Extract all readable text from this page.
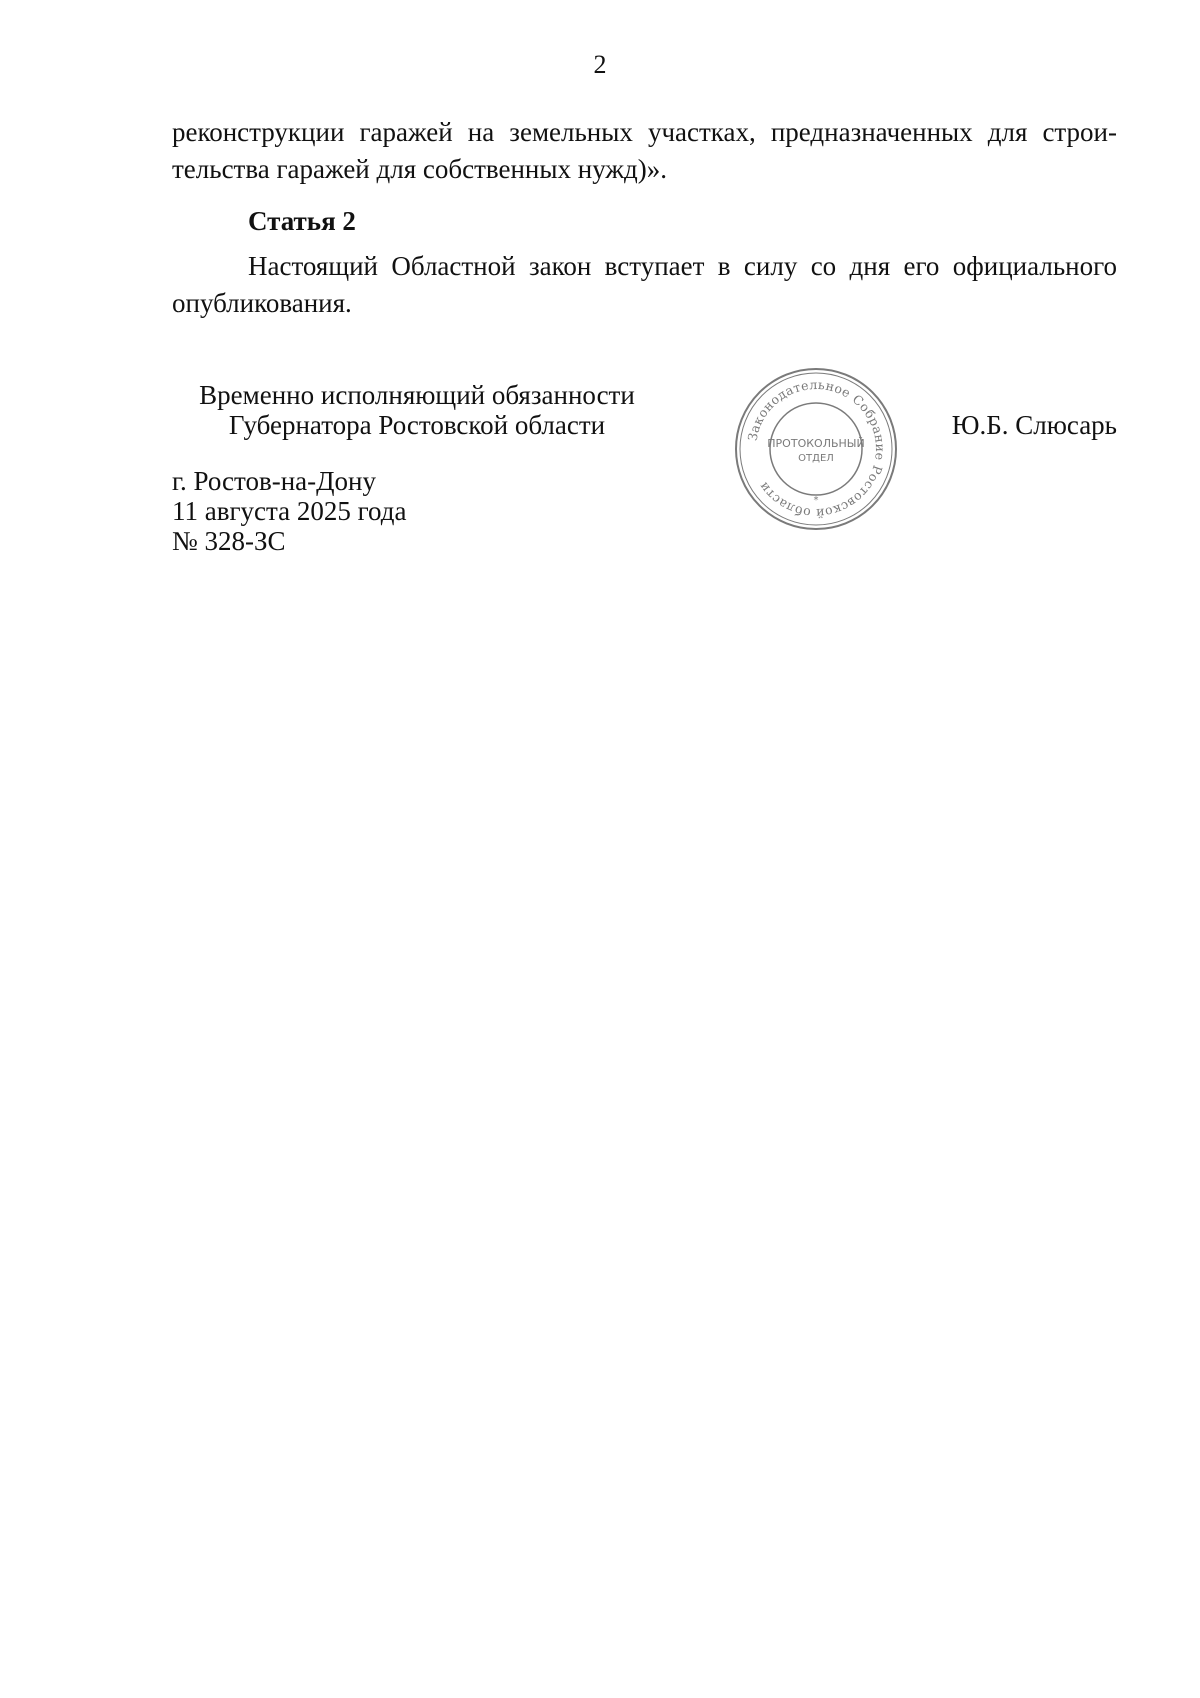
2
реконструкции гаражей на земельных участках, предназначенных для строи-
тельства гаражей для собственных нужд)».
Статья 2
Настоящий Областной закон вступает в силу со дня его официального
опубликования.
Временно исполняющий обязанности
Губернатора Ростовской области	Ю.Б. Слюсарь
г. Ростов-на-Дону
11 августа 2025 года
№ 328-ЗС
Законодательное Собрание Ростовской области
ПРОТОКОЛЬНЫЙ
ОТДЕЛ
*
